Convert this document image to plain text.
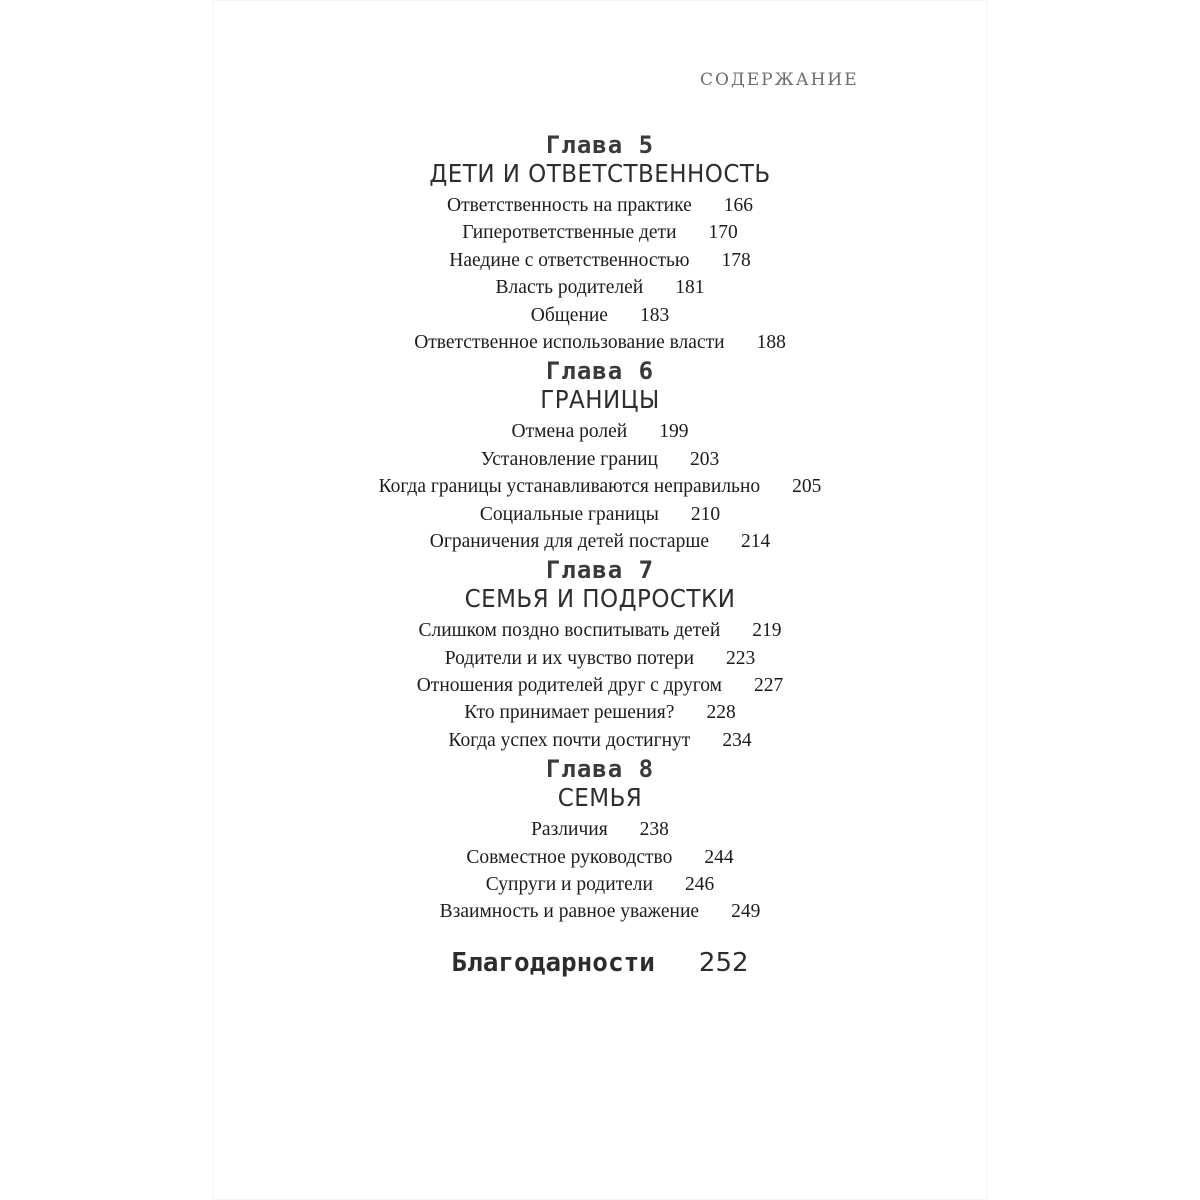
СОДЕРЖАНИЕ
Глава 5
ДЕТИ И ОТВЕТСТВЕННОСТЬ
Ответственность на практике 166
Гиперответственные дети 170
Наедине с ответственностью 178
Власть родителей 181
Общение 183
Ответственное использование власти 188
Глава 6
ГРАНИЦЫ
Отмена ролей 199
Установление границ 203
Когда границы устанавливаются неправильно 205
Социальные границы 210
Ограничения для детей постарше 214
Глава 7
СЕМЬЯ И ПОДРОСТКИ
Слишком поздно воспитывать детей 219
Родители и их чувство потери 223
Отношения родителей друг с другом 227
Кто принимает решения? 228
Когда успех почти достигнут 234
Глава 8
СЕМЬЯ
Различия 238
Совместное руководство 244
Супруги и родители 246
Взаимность и равное уважение 249
Благодарности 252
